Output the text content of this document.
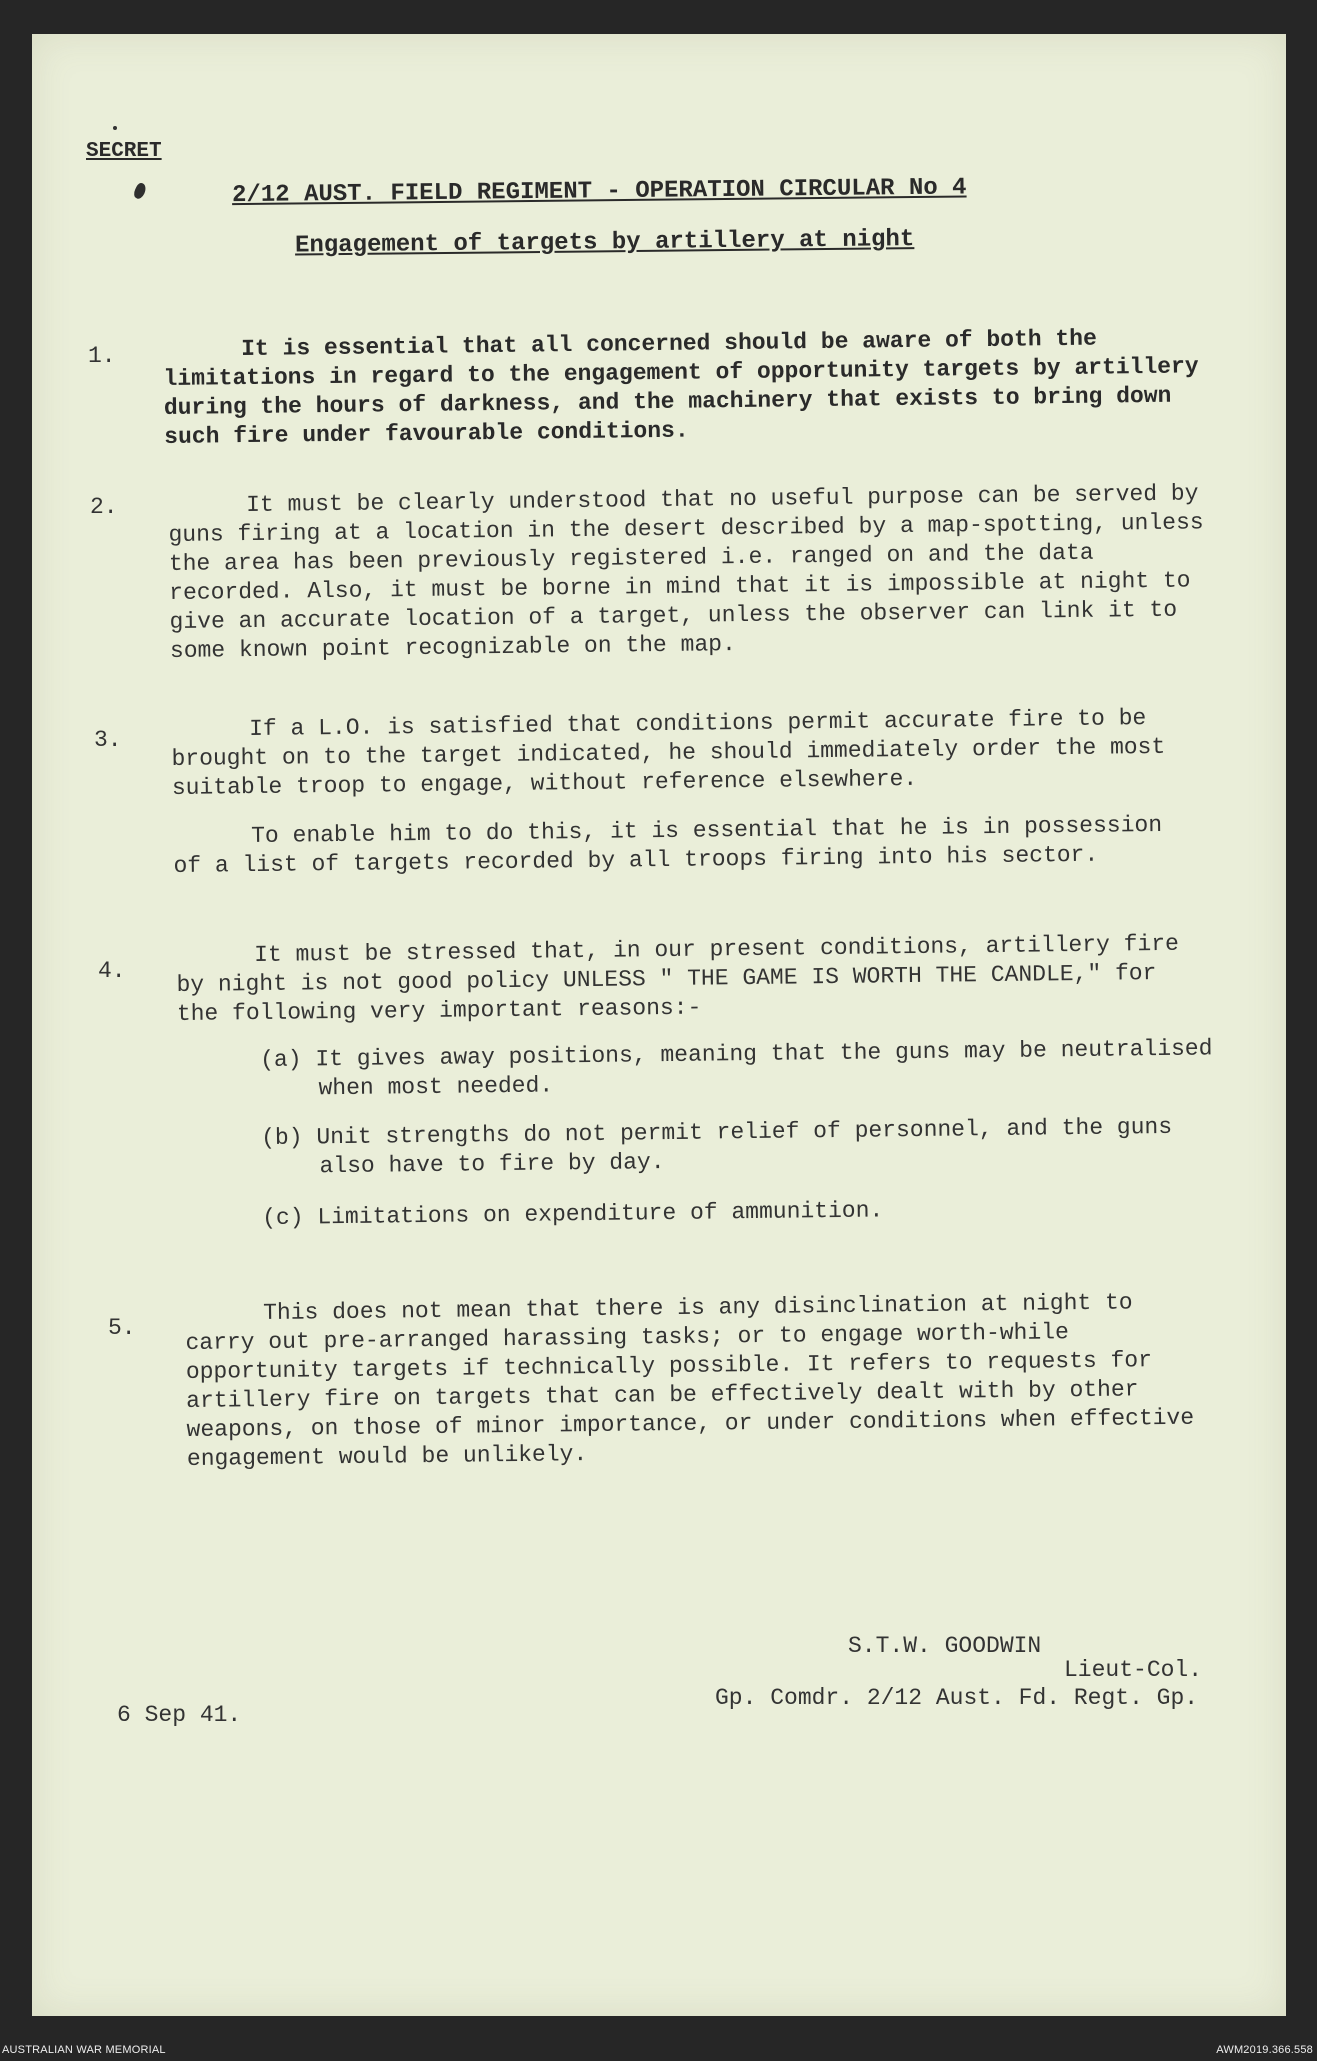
SECRET
2/12 AUST. FIELD REGIMENT - OPERATION CIRCULAR No 4
Engagement of targets by artillery at night
1.	It is essential that all concerned should be aware of both the limitations in regard to the engagement of opportunity targets by artillery during the hours of darkness, and the machinery that exists to bring down such fire under favourable conditions.
2.	It must be clearly understood that no useful purpose can be served by guns firing at a location in the desert described by a map-spotting, unless the area has been previously registered i.e. ranged on and the data recorded. Also, it must be borne in mind that it is impossible at night to give an accurate location of a target, unless the observer can link it to some known point recognizable on the map.
3.	If a L.O. is satisfied that conditions permit accurate fire to be brought on to the target indicated, he should immediately order the most suitable troop to engage, without reference elsewhere.
To enable him to do this, it is essential that he is in possession of a list of targets recorded by all troops firing into his sector.
4.
It must be stressed that, in our present conditions, artillery fire by night is not good policy UNLESS " THE GAME IS WORTH THE CANDLE," for the following very important reasons:-
(a) It gives away positions, meaning that the guns may be neutralised when most needed.
(b) Unit strengths do not permit relief of personnel, and the guns also have to fire by day.
(c) Limitations on expenditure of ammunition.
5.
This does not mean that there is any disinclination at night to carry out pre-arranged harassing tasks; or to engage worth-while opportunity targets if technically possible. It refers to requests for artillery fire on targets that can be effectively dealt with by other weapons, on those of minor importance, or under conditions when effective engagement would be unlikely.
S.T.W. GOODWIN
Lieut-Col.
Gp. Comdr. 2/12 Aust. Fd. Regt. Gp.
6 Sep 41.
AUSTRALIAN WAR MEMORIAL	AWM2019.366.558
